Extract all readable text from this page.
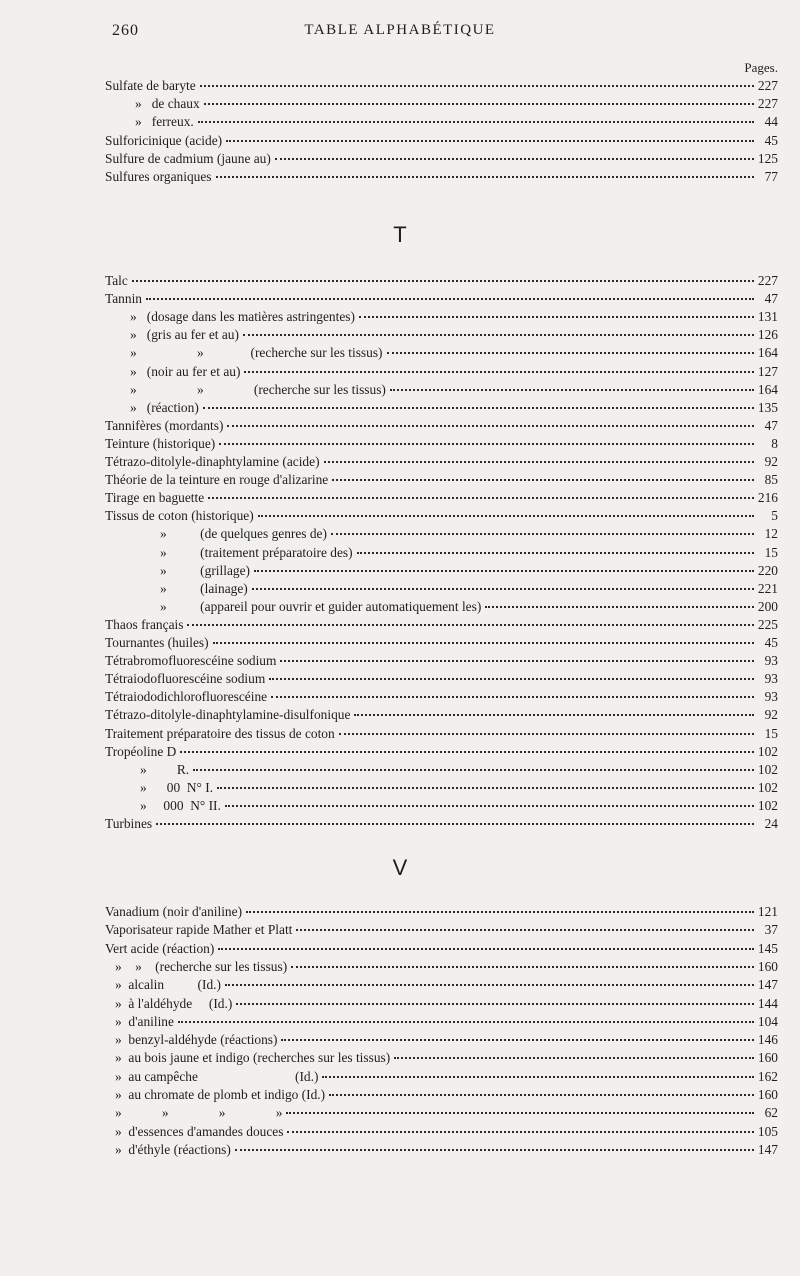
260	TABLE ALPHABÉTIQUE
Pages.
Sulfate de baryte	227
»   de chaux	227
»   ferreux.	44
Sulforicinique (acide)	45
Sulfure de cadmium (jaune au)	125
Sulfures organiques	77
T
Talc	227
Tannin	47
»   (dosage dans les matières astringentes)	131
»   (gris au fer et au)	126
»                  »              (recherche sur les tissus)	164
»   (noir au fer et au)	127
»                  »               (recherche sur les tissus)	164
»   (réaction)	135
Tannifères (mordants)	47
Teinture (historique)	8
Tétrazo-ditolyle-dinaphtylamine (acide)	92
Théorie de la teinture en rouge d'alizarine	85
Tirage en baguette	216
Tissus de coton (historique)	5
»          (de quelques genres de)	12
»          (traitement préparatoire des)	15
»          (grillage)	220
»          (lainage)	221
»          (appareil pour ouvrir et guider automatiquement les)	200
Thaos français	225
Tournantes (huiles)	45
Tétrabromofluorescéine sodium	93
Tétraiodofluorescéine sodium	93
Tétraiododichlorofluorescéine	93
Tétrazo-ditolyle-dinaphtylamine-disulfonique	92
Traitement préparatoire des tissus de coton	15
Tropéoline D	102
»         R.	102
»      00  N° I.	102
»     000  N° II.	102
Turbines	24
V
Vanadium (noir d'aniline)	121
Vaporisateur rapide Mather et Platt	37
Vert acide (réaction)	145
»    »    (recherche sur les tissus)	160
»  alcalin          (Id.)	147
»  à l'aldéhyde     (Id.)	144
»  d'aniline	104
»  benzyl-aldéhyde (réactions)	146
»  au bois jaune et indigo (recherches sur les tissus)	160
»  au campêche                             (Id.)	162
»  au chromate de plomb et indigo (Id.)	160
»            »               »               »	62
»  d'essences d'amandes douces	105
»  d'éthyle (réactions)	147
